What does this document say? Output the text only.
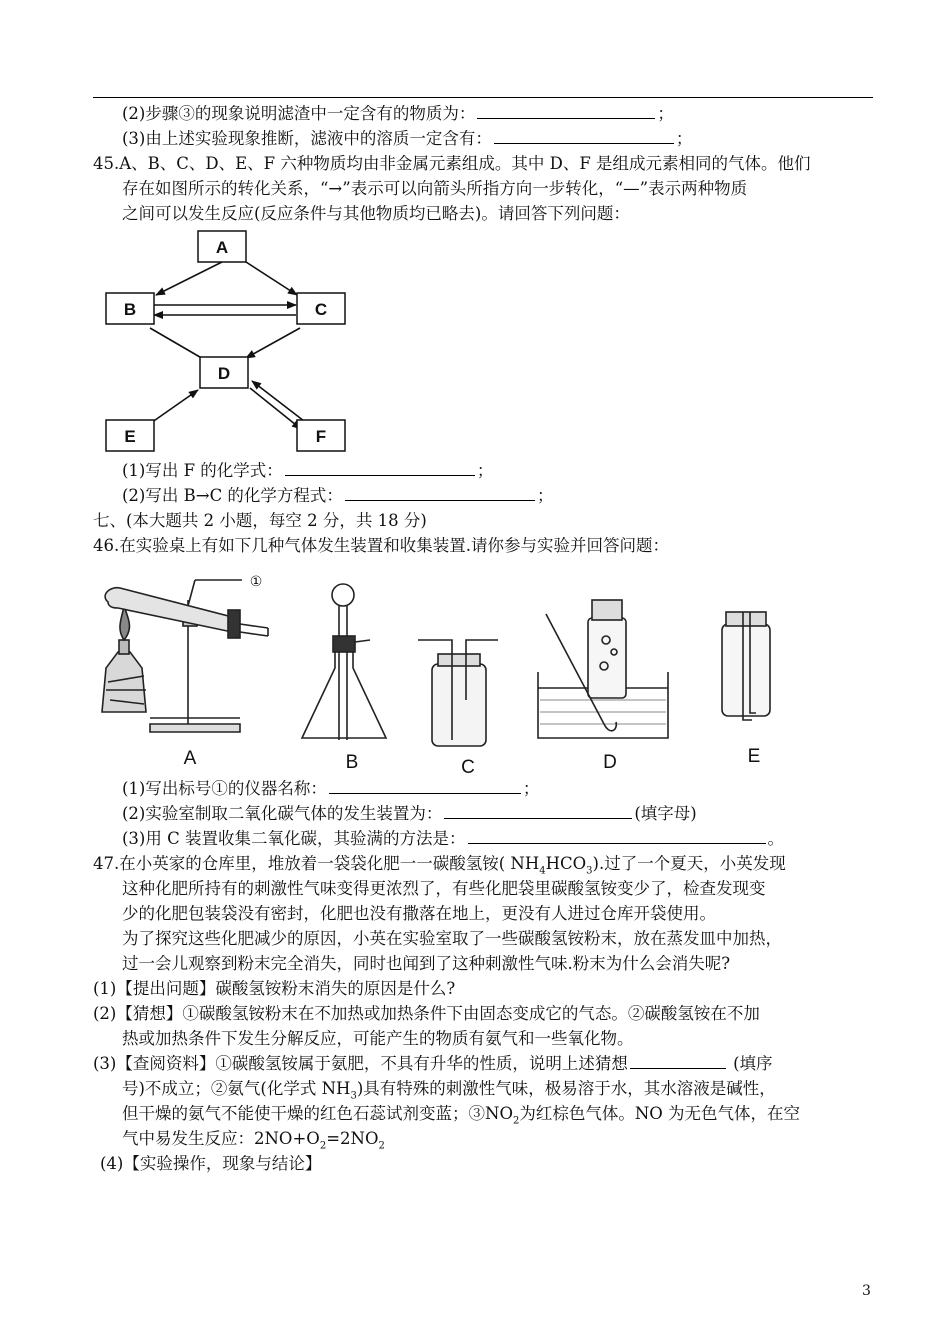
(2)步骤③的现象说明滤渣中一定含有的物质为：	；
(3)由上述实验现象推断，滤液中的溶质一定含有：	；
45.A、B、C、D、E、F 六种物质均由非金属元素组成。其中 D、F 是组成元素相同的气体。他们
存在如图所示的转化关系，“→”表示可以向箭头所指方向一步转化，“—”表示两种物质
之间可以发生反应(反应条件与其他物质均已略去)。请回答下列问题：
A
B	C
D
E	F
①
A	B	C	D	E
(1)写出 F 的化学式：	；
(2)写出 B→C 的化学方程式：	；
七、(本大题共 2 小题，每空 2 分，共 18 分)
46.在实验桌上有如下几种气体发生装置和收集装置.请你参与实验并回答问题：
(1)写出标号①的仪器名称：	；
(2)实验室制取二氧化碳气体的发生装置为：	(填字母)
(3)用 C 装置收集二氧化碳，其验满的方法是：	。
47.在小英家的仓库里，堆放着一袋袋化肥一一碳酸氢铵( $NH_4HCO_3$).过了一个夏天，小英发现
这种化肥所持有的刺激性气味变得更浓烈了，有些化肥袋里碳酸氢铵变少了，检查发现变
少的化肥包装袋没有密封，化肥也没有撒落在地上，更没有人进过仓库开袋使用。
为了探究这些化肥减少的原因，小英在实验室取了一些碳酸氢铵粉末，放在蒸发皿中加热，
过一会儿观察到粉末完全消失，同时也闻到了这种刺激性气味.粉末为什么会消失呢?
(1)【提出问题】碳酸氢铵粉末消失的原因是什么?
(2)【猜想】①碳酸氢铵粉末在不加热或加热条件下由固态变成它的气态。②碳酸氢铵在不加
热或加热条件下发生分解反应，可能产生的物质有氨气和一些氧化物。
(3)【查阅资料】①碳酸氢铵属于氨肥，不具有升华的性质，说明上述猜想	(填序
号)不成立；②氨气(化学式 $NH_3$)具有特殊的刺激性气味，极易溶于水，其水溶液是碱性，
但干燥的氨气不能使干燥的红色石蕊试剂变蓝；$③NO_2$为红棕色气体。NO 为无色气体，在空
气中易发生反应：$2NO+O_2=2NO_2$
(4)【实验操作，现象与结论】
3
